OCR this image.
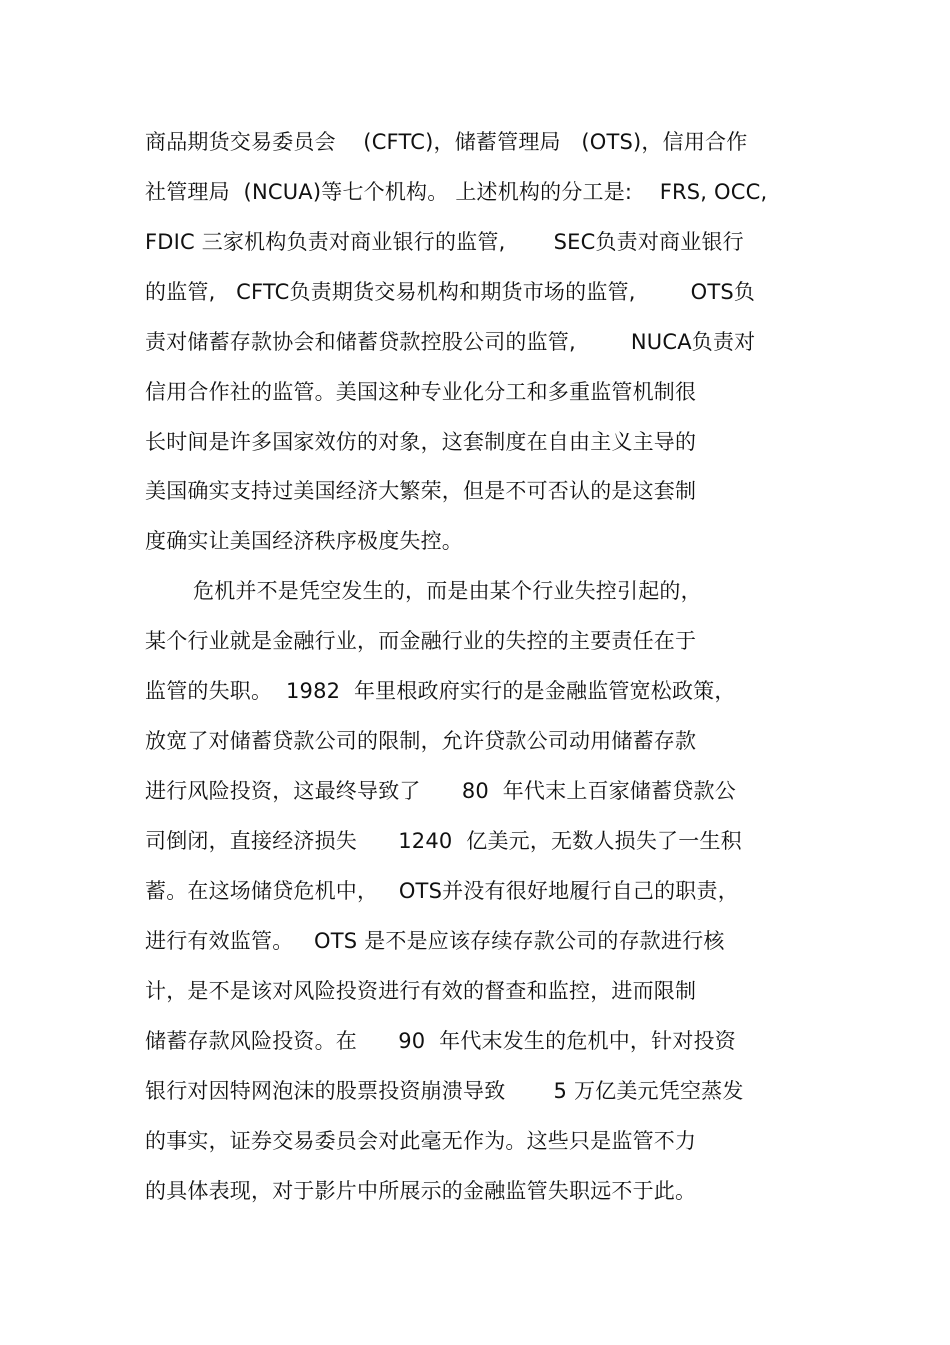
商品期货交易委员会    (CFTC)，储蓄管理局   (OTS)，信用合作

社管理局  (NCUA)等七个机构。 上述机构的分工是:    FRS, OCC,

FDIC 三家机构负责对商业银行的监管,       SEC负责对商业银行

的监管,   CFTC负责期货交易机构和期货市场的监管,        OTS负

责对储蓄存款协会和储蓄贷款控股公司的监管,        NUCA负责对

信用合作社的监管。美国这种专业化分工和多重监管机制很

长时间是许多国家效仿的对象，这套制度在自由主义主导的

美国确实支持过美国经济大繁荣，但是不可否认的是这套制

度确实让美国经济秩序极度失控。

危机并不是凭空发生的，而是由某个行业失控引起的，

某个行业就是金融行业，而金融行业的失控的主要责任在于

监管的失职。  1982  年里根政府实行的是金融监管宽松政策，

放宽了对储蓄贷款公司的限制，允许贷款公司动用储蓄存款

进行风险投资，这最终导致了      80  年代末上百家储蓄贷款公

司倒闭，直接经济损失      1240  亿美元，无数人损失了一生积

蓄。在这场储贷危机中，   OTS并没有很好地履行自己的职责，

进行有效监管。   OTS 是不是应该存续存款公司的存款进行核

计，是不是该对风险投资进行有效的督查和监控，进而限制

储蓄存款风险投资。在      90  年代末发生的危机中，针对投资

银行对因特网泡沫的股票投资崩溃导致       5 万亿美元凭空蒸发

的事实，证券交易委员会对此毫无作为。这些只是监管不力

的具体表现，对于影片中所展示的金融监管失职远不于此。
